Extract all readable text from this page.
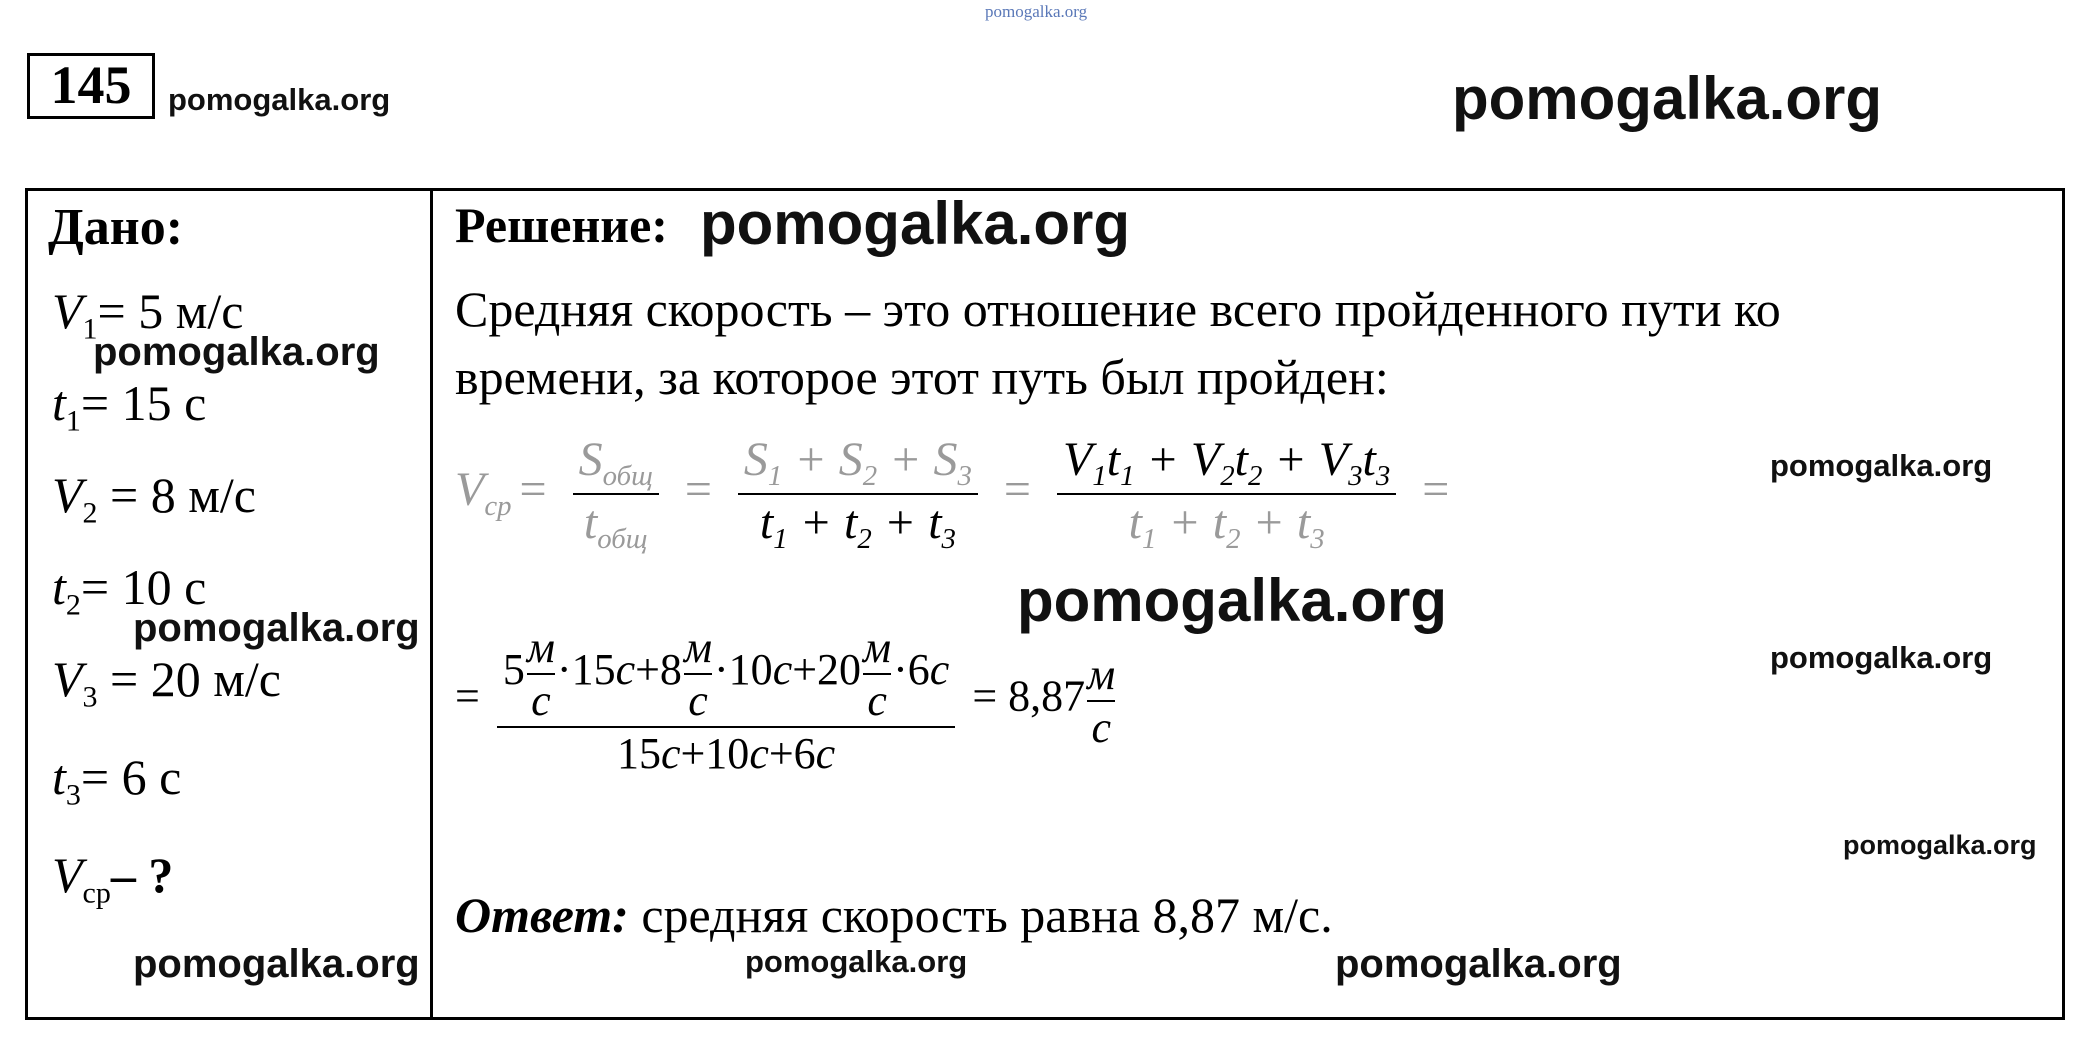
pomogalka.org
145	pomogalka.org	pomogalka.org
Дано:
$V_1= 5$ м/с
pomogalka.org
$t_1= 15$ с
$V_2 = 8$ м/с
$t_2= 10$ с
pomogalka.org
$V_3 = 20$ м/с
$t_3= 6$ с
$V_{ср}-$ ?
pomogalka.org
Решение: pomogalka.org
Средняя скорость – это отношение всего пройденного пути ко
времени, за которое этот путь был пройден:
$V_{ср} = \frac{S_{общ}}{t_{общ}} = \frac{S_1 + S_2 + S_3}{t_1 + t_2 + t_3} = \frac{V_1t_1 + V_2t_2 + V_3t_3}{t_1 + t_2 + t_3}$ =	pomogalka.org
pomogalka.org
= 5 м
с
·15с+8 м
с
·10с+20 м
с
·6с
15с+10с+6с = 8,87 м
с
pomogalka.org
pomogalka.org
Ответ: средняя скорость равна 8,87 м/с.
pomogalka.org	pomogalka.org
